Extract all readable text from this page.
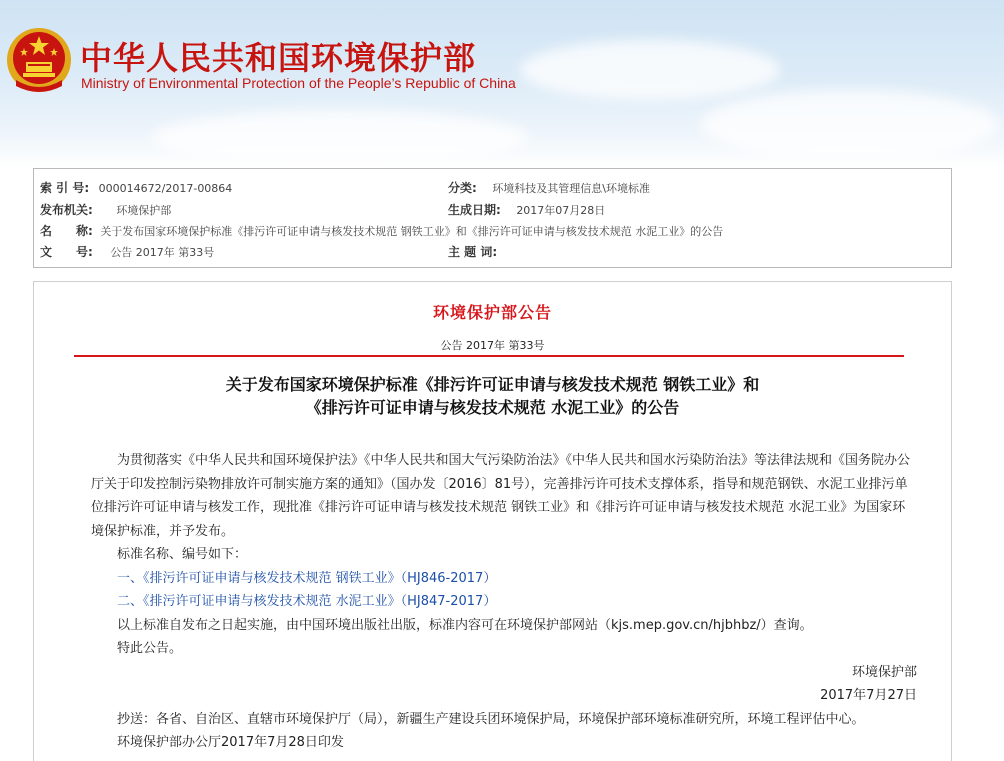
中华人民共和国环境保护部
Ministry of Environmental Protection of the People’s Republic of China
索 引 号: 000014672/2017-00864	分类: 环境科技及其管理信息\环境标准
发布机关: 环境保护部	生成日期: 2017年07月28日
名　　称: 关于发布国家环境保护标准《排污许可证申请与核发技术规范 钢铁工业》和《排污许可证申请与核发技术规范 水泥工业》的公告
文　　号: 公告 2017年 第33号	主 题 词:
环境保护部公告
公告 2017年 第33号
关于发布国家环境保护标准《排污许可证申请与核发技术规范 钢铁工业》和
《排污许可证申请与核发技术规范 水泥工业》的公告

为贯彻落实《中华人民共和国环境保护法》《中华人民共和国大气污染防治法》《中华人民共和国水污染防治法》等法律法规和《国务院办公厅关于印发控制污染物排放许可制实施方案的通知》（国办发〔2016〕81号），完善排污许可技术支撑体系，指导和规范钢铁、水泥工业排污单位排污许可证申请与核发工作，现批准《排污许可证申请与核发技术规范 钢铁工业》和《排污许可证申请与核发技术规范 水泥工业》为国家环境保护标准，并予发布。

标准名称、编号如下：

一、《排污许可证申请与核发技术规范 钢铁工业》（HJ846-2017）

二、《排污许可证申请与核发技术规范 水泥工业》（HJ847-2017）

以上标准自发布之日起实施，由中国环境出版社出版，标准内容可在环境保护部网站（kjs.mep.gov.cn/hjbhbz/）查询。

特此公告。

环境保护部

2017年7月27日

抄送：各省、自治区、直辖市环境保护厅（局），新疆生产建设兵团环境保护局，环境保护部环境标准研究所，环境工程评估中心。

环境保护部办公厅2017年7月28日印发
